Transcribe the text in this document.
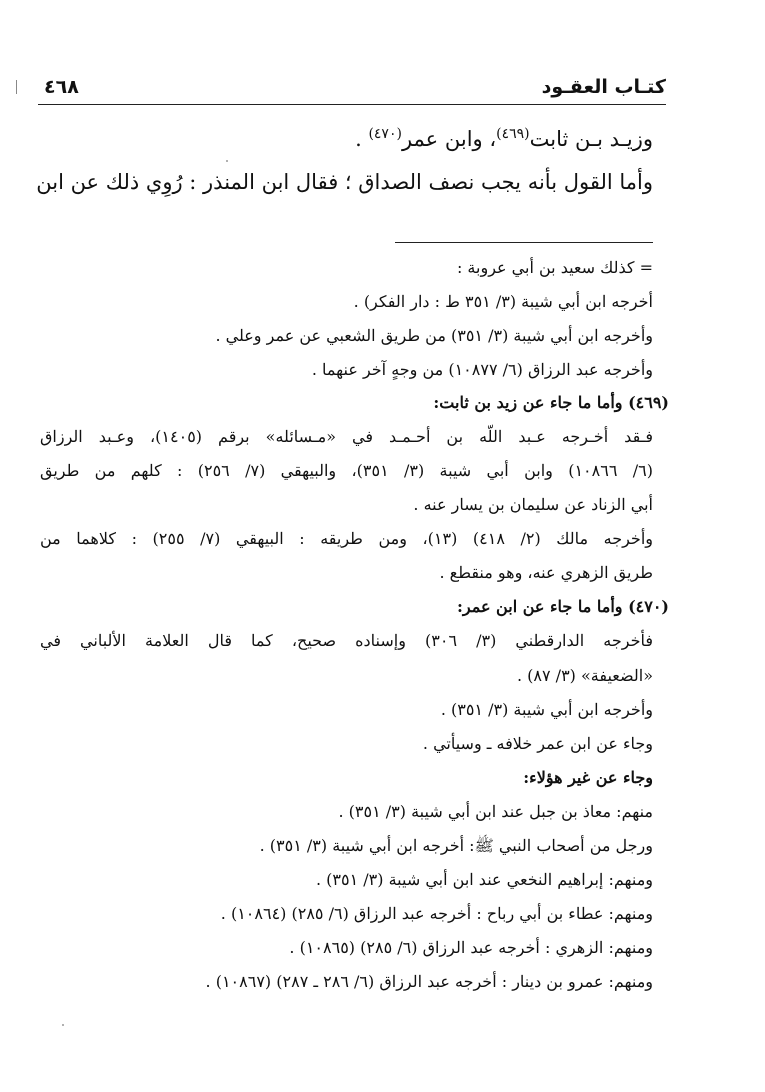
كتـاب العقـود
٤٦٨
وزيـد بـن ثابت$^{(٤٦٩)}$، وابن عمر$^{(٤٧٠)}$ .
وأما القول بأنه يجب نصف الصداق ؛ فقال ابن المنذر : رُوِي ذلك عن ابن
= كذلك سعيد بن أبي عروبة :
أخرجه ابن أبي شيبة (٣/ ٣٥١ ط : دار الفكر) .
وأخرجه ابن أبي شيبة (٣/ ٣٥١) من طريق الشعبي عن عمر وعلي .
وأخرجه عبد الرزاق (٦/ ١٠٨٧٧) من وجهٍ آخر عنهما .
(٤٦٩) وأما ما جاء عن زيد بن ثابت:
فـقد أخـرجه عـبد اللّه بن أحـمـد في «مـسائله» برقم (١٤٠٥)، وعـبد الرزاق
(٦/ ١٠٨٦٦) وابن أبي شيبة (٣/ ٣٥١)، والبيهقي (٧/ ٢٥٦) : كلهم من طريق
أبي الزناد عن سليمان بن يسار عنه .
وأخرجه مالك (٢/ ٤١٨) (١٣)، ومن طريقه : البيهقي (٧/ ٢٥٥) : كلاهما من
طريق الزهري عنه، وهو منقطع .
(٤٧٠) وأما ما جاء عن ابن عمر:
فأخرجه الدارقطني (٣/ ٣٠٦) وإسناده صحيح، كما قال العلامة الألباني في
«الضعيفة» (٣/ ٨٧) .
وأخرجه ابن أبي شيبة (٣/ ٣٥١) .
وجاء عن ابن عمر خلافه ـ وسيأتي .
وجاء عن غير هؤلاء:
منهم: معاذ بن جبل عند ابن أبي شيبة (٣/ ٣٥١) .
ورجل من أصحاب النبي ﷺ: أخرجه ابن أبي شيبة (٣/ ٣٥١) .
ومنهم: إبراهيم النخعي عند ابن أبي شيبة (٣/ ٣٥١) .
ومنهم: عطاء بن أبي رباح : أخرجه عبد الرزاق (٦/ ٢٨٥) (١٠٨٦٤) .
ومنهم: الزهري : أخرجه عبد الرزاق (٦/ ٢٨٥) (١٠٨٦٥) .
ومنهم: عمرو بن دينار : أخرجه عبد الرزاق (٦/ ٢٨٦ ـ ٢٨٧) (١٠٨٦٧) .
